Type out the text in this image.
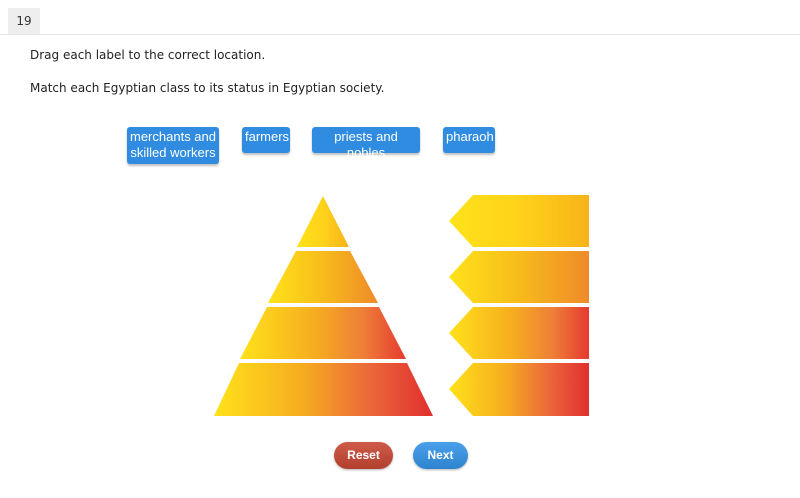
19
Drag each label to the correct location.
Match each Egyptian class to its status in Egyptian society.
merchants and
skilled workers
farmers	priests and nobles
pharaoh
Reset	Next
